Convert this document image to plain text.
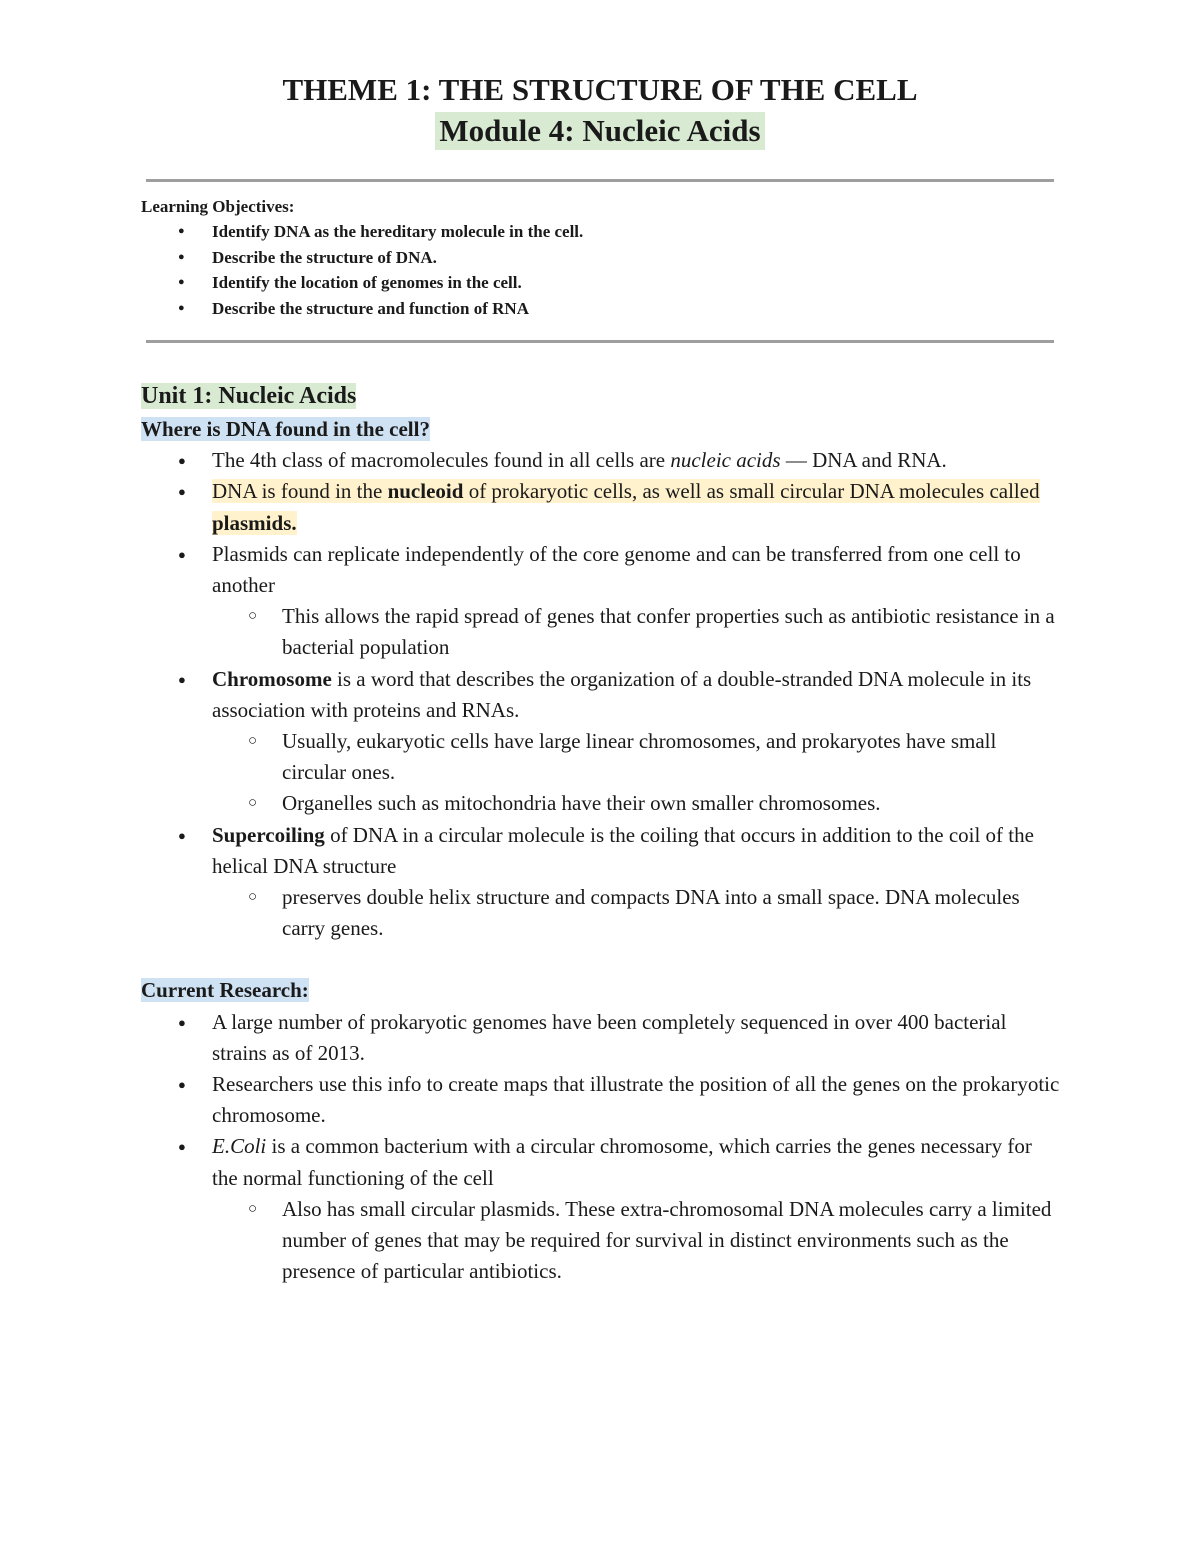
THEME 1: THE STRUCTURE OF THE CELL
Module 4: Nucleic Acids
Learning Objectives:
● Identify DNA as the hereditary molecule in the cell.
● Describe the structure of DNA.
● Identify the location of genomes in the cell.
● Describe the structure and function of RNA
Unit 1: Nucleic Acids
Where is DNA found in the cell?
● The 4th class of macromolecules found in all cells are nucleic acids — DNA and RNA.
● DNA is found in the nucleoid of prokaryotic cells, as well as small circular DNA molecules called plasmids.
● Plasmids can replicate independently of the core genome and can be transferred from one cell to another
○ This allows the rapid spread of genes that confer properties such as antibiotic resistance in a bacterial population
● Chromosome is a word that describes the organization of a double-stranded DNA molecule in its association with proteins and RNAs.
○ Usually, eukaryotic cells have large linear chromosomes, and prokaryotes have small circular ones.
○ Organelles such as mitochondria have their own smaller chromosomes.
● Supercoiling of DNA in a circular molecule is the coiling that occurs in addition to the coil of the helical DNA structure
○ preserves double helix structure and compacts DNA into a small space. DNA molecules carry genes.
Current Research:
● A large number of prokaryotic genomes have been completely sequenced in over 400 bacterial strains as of 2013.
● Researchers use this info to create maps that illustrate the position of all the genes on the prokaryotic chromosome.
● E.Coli is a common bacterium with a circular chromosome, which carries the genes necessary for the normal functioning of the cell
○ Also has small circular plasmids. These extra-chromosomal DNA molecules carry a limited number of genes that may be required for survival in distinct environments such as the presence of particular antibiotics.
